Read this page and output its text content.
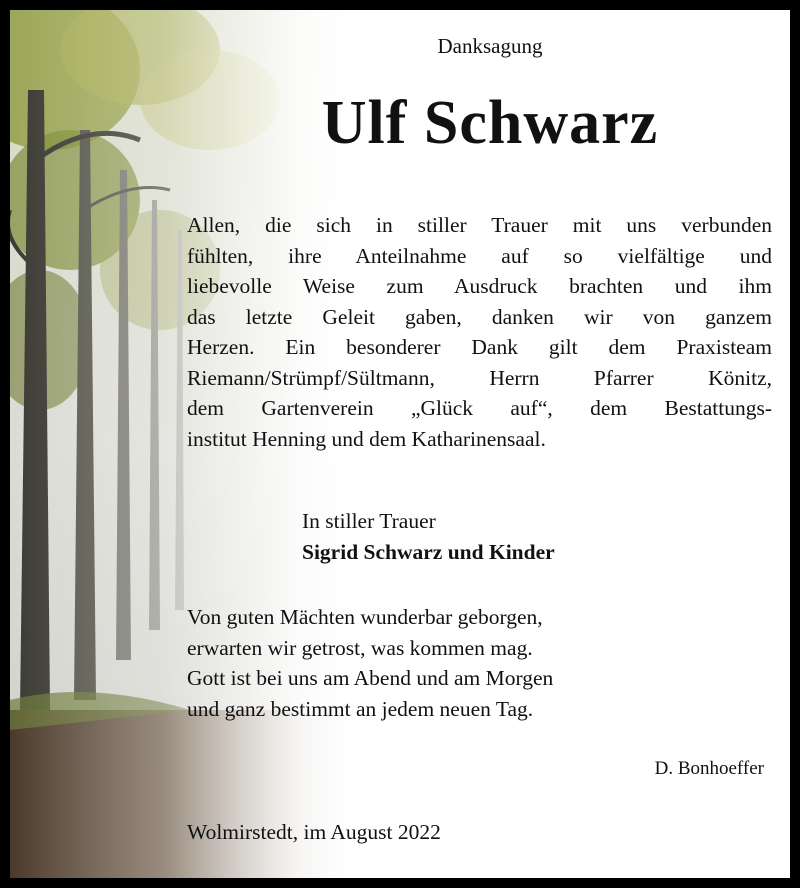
Danksagung
Ulf Schwarz
Allen, die sich in stiller Trauer mit uns verbunden
fühlten, ihre Anteilnahme auf so vielfältige und
liebevolle Weise zum Ausdruck brachten und ihm
das letzte Geleit gaben, danken wir von ganzem
Herzen. Ein besonderer Dank gilt dem Praxisteam
Riemann/Strümpf/Sültmann, Herrn Pfarrer Könitz,
dem Gartenverein „Glück auf“, dem Bestattungs-
institut Henning und dem Katharinensaal.
In stiller Trauer
Sigrid Schwarz und Kinder
Von guten Mächten wunderbar geborgen,
erwarten wir getrost, was kommen mag.
Gott ist bei uns am Abend und am Morgen
und ganz bestimmt an jedem neuen Tag.
D. Bonhoeffer
Wolmirstedt, im August 2022
